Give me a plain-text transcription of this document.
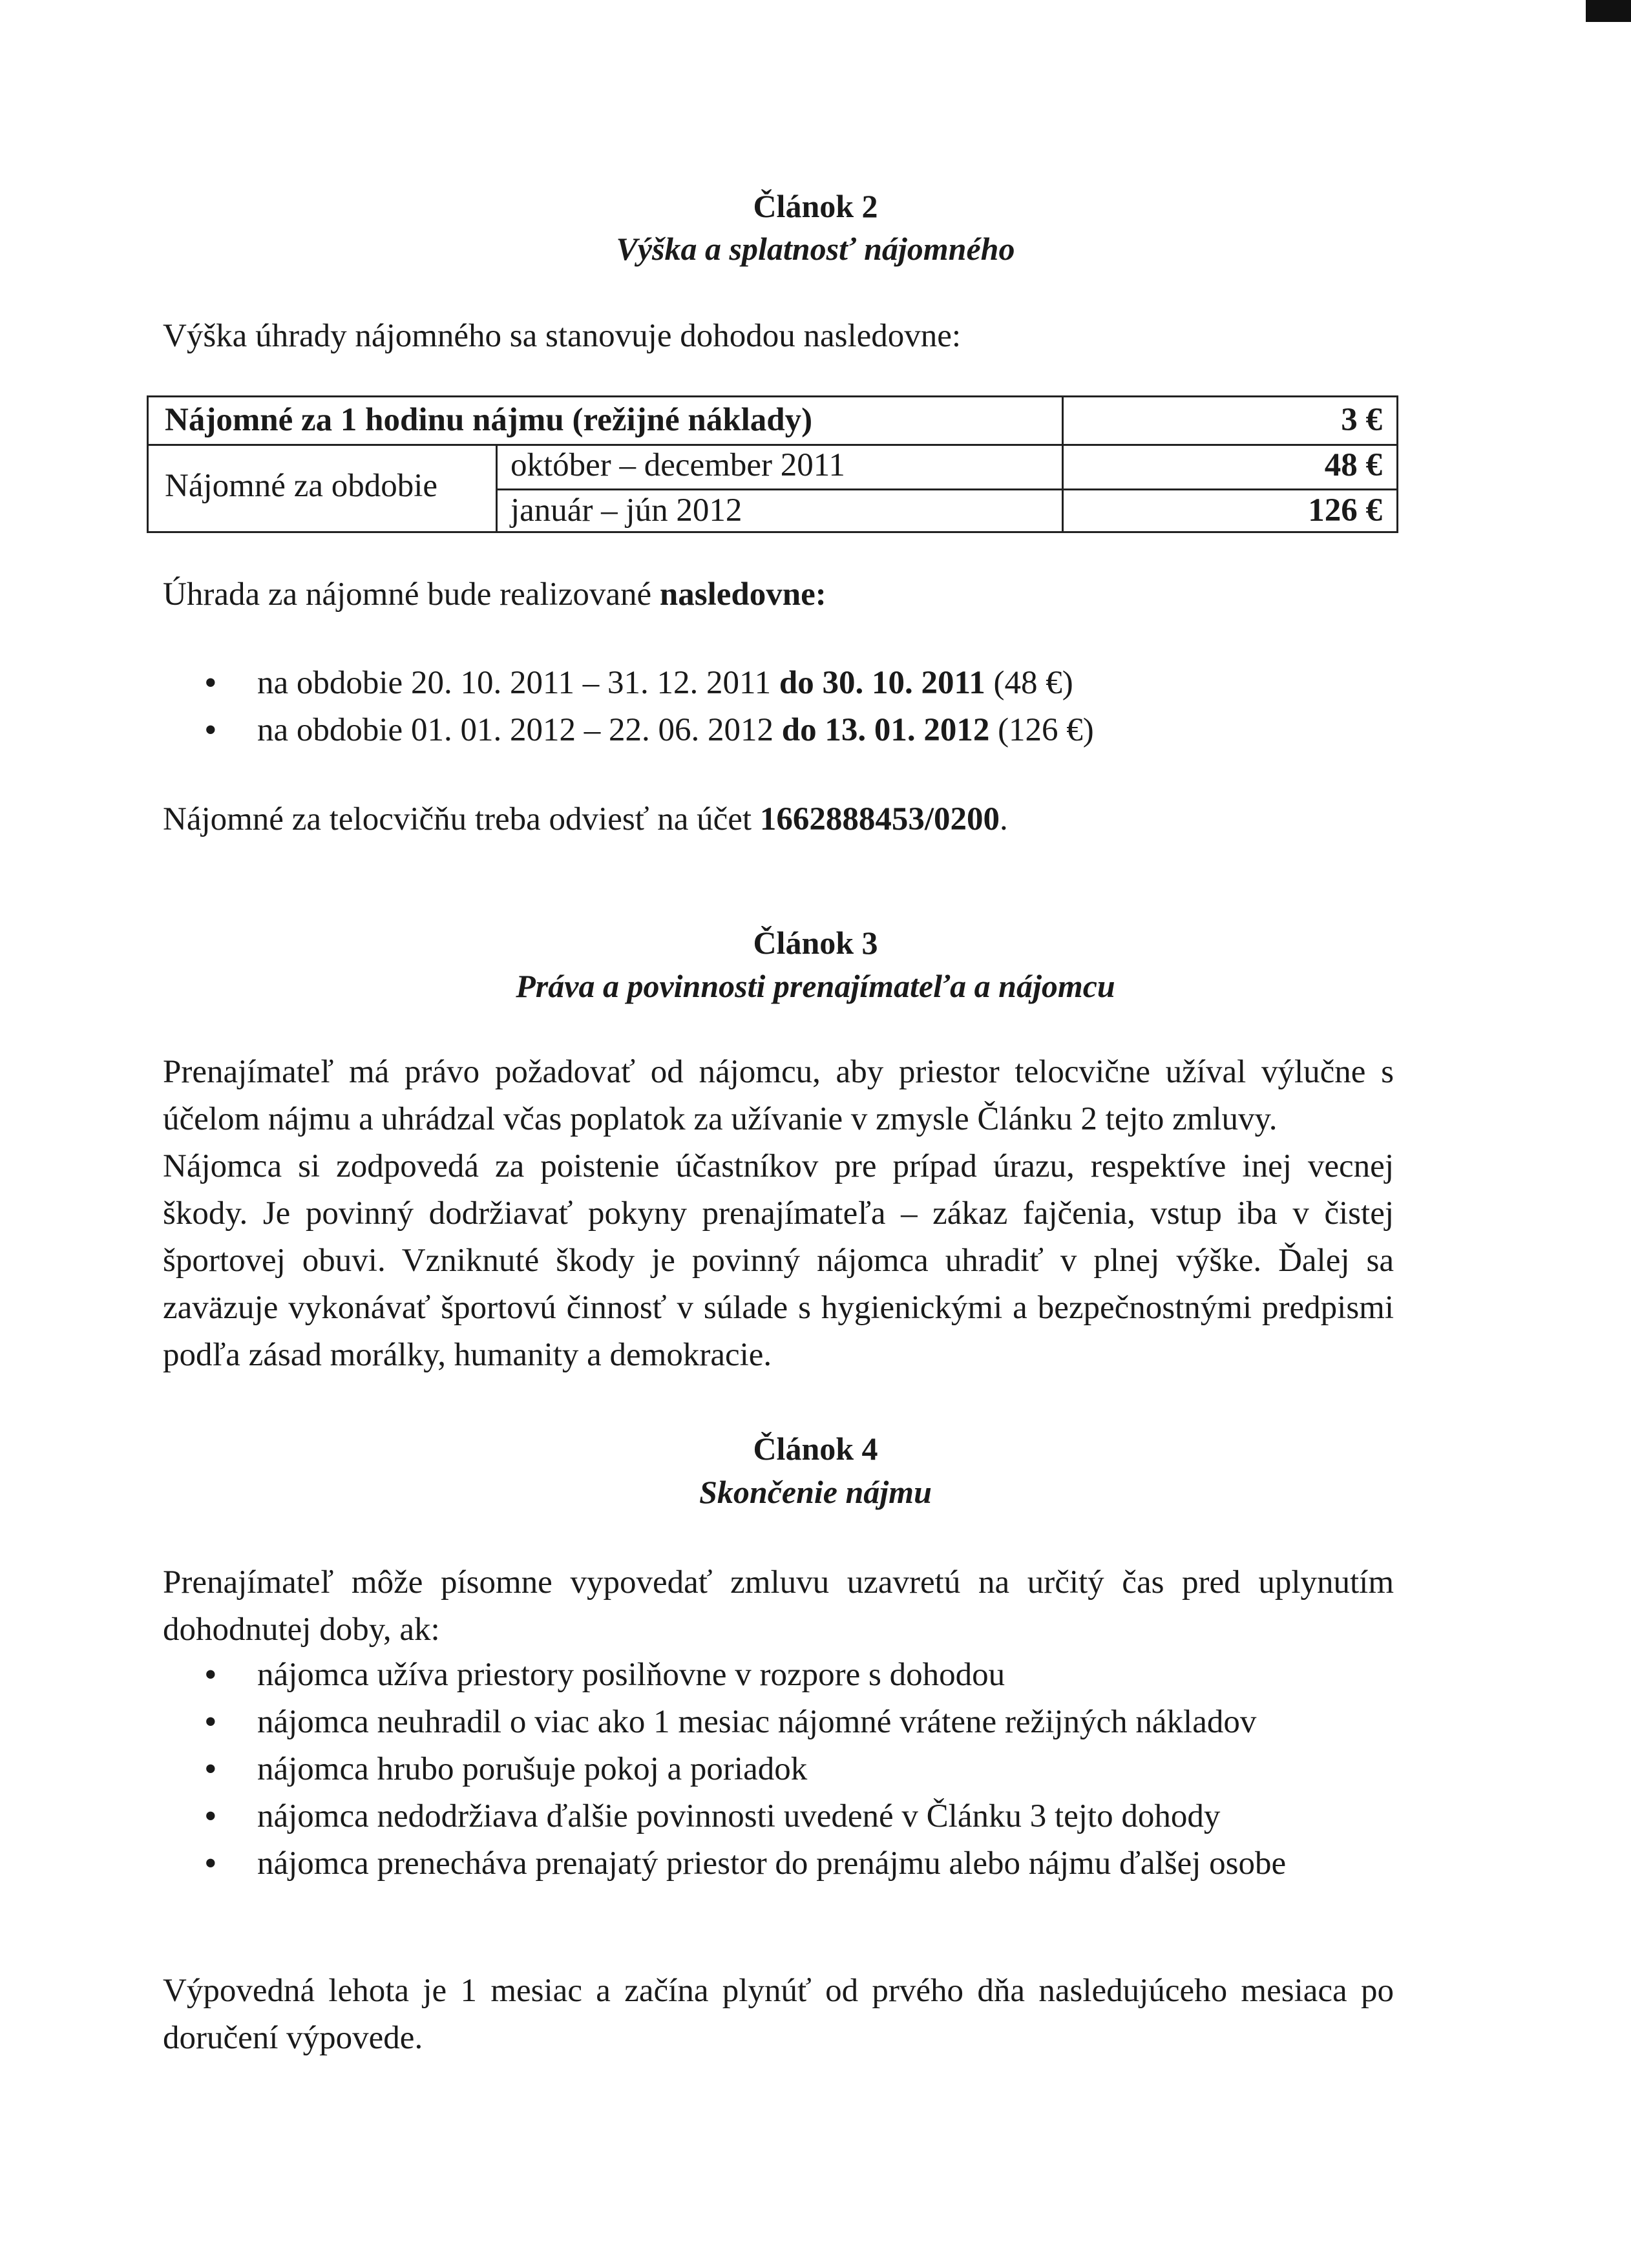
Článok 2
Výška a splatnosť nájomného
Výška úhrady nájomného sa stanovuje dohodou nasledovne:
Nájomné za 1 hodinu nájmu (režijné náklady)	3 €
Nájomné za obdobie
október – december 2011	48 €
január – jún 2012	126 €
Úhrada za nájomné bude realizované nasledovne:
• na obdobie 20. 10. 2011 – 31. 12. 2011 do 30. 10. 2011 (48 €)
• na obdobie 01. 01. 2012 – 22. 06. 2012 do 13. 01. 2012 (126 €)
Nájomné za telocvičňu treba odviesť na účet 1662888453/0200.
Článok 3
Práva a povinnosti prenajímateľa a nájomcu

Prenajímateľ má právo požadovať od nájomcu, aby priestor telocvične užíval výlučne s účelom nájmu a uhrádzal včas poplatok za užívanie v zmysle Článku 2 tejto zmluvy.

Nájomca si zodpovedá za poistenie účastníkov pre prípad úrazu, respektíve inej vecnej škody. Je povinný dodržiavať pokyny prenajímateľa – zákaz fajčenia, vstup iba v čistej športovej obuvi. Vzniknuté škody je povinný nájomca uhradiť v plnej výške. Ďalej sa zaväzuje vykonávať športovú činnosť v súlade s hygienickými a bezpečnostnými predpismi podľa zásad morálky, humanity a demokracie.

Článok 4
Skončenie nájmu

Prenajímateľ môže písomne vypovedať zmluvu uzavretú na určitý čas pred uplynutím dohodnutej doby, ak:

• nájomca užíva priestory posilňovne v rozpore s dohodou
• nájomca neuhradil o viac ako 1 mesiac nájomné vrátene režijných nákladov
• nájomca hrubo porušuje pokoj a poriadok
• nájomca nedodržiava ďalšie povinnosti uvedené v Článku 3 tejto dohody
• nájomca prenecháva prenajatý priestor do prenájmu alebo nájmu ďalšej osobe

Výpovedná lehota je 1 mesiac a začína plynúť od prvého dňa nasledujúceho mesiaca po doručení výpovede.
